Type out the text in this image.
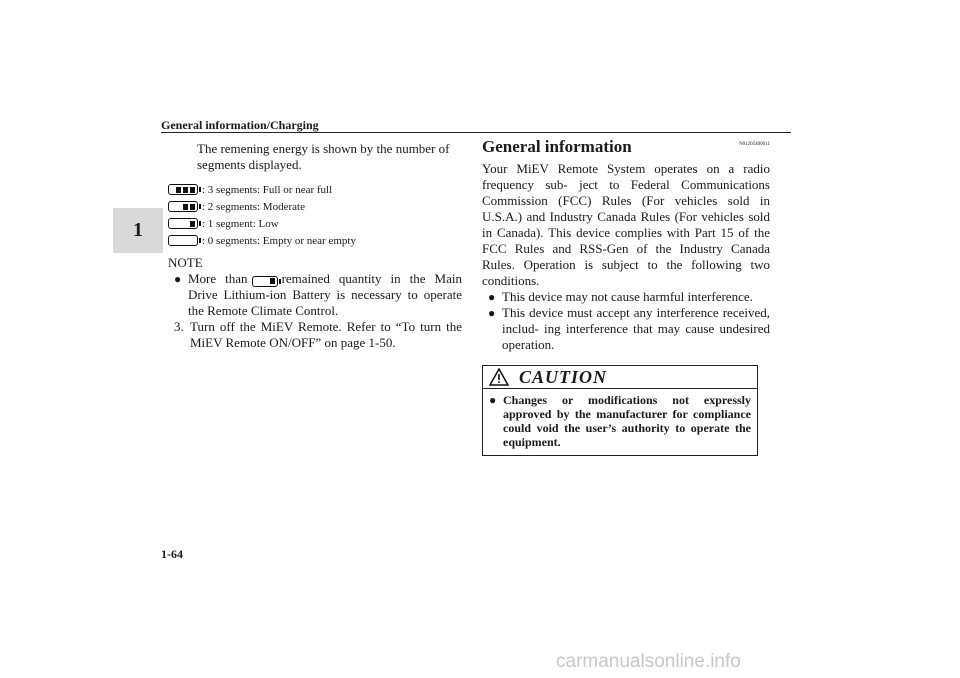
1
General information/Charging
The remening energy is shown by the number of segments displayed.
: 3 segments: Full or near full
: 2 segments: Moderate
: 1 segment: Low
: 0 segments: Empty or near empty
NOTE
● More than	remained quantity in the Main Drive Lithium-ion Battery is necessary to operate the Remote Climate Control.
3. Turn off the MiEV Remote. Refer to “To turn the MiEV Remote ON/OFF” on page 1-50.
General information	N01205400011
Your MiEV Remote System operates on a radio frequency sub- ject to Federal Communications Commission (FCC) Rules (For vehicles sold in U.S.A.) and Industry Canada Rules (For vehicles sold in Canada). This device complies with Part 15 of the FCC Rules and RSS-Gen of the Industry Canada Rules. Operation is subject to the following two conditions.
● This device may not cause harmful interference.
● This device must accept any interference received, includ- ing interference that may cause undesired operation.
CAUTION
● Changes or modifications not expressly approved by the manufacturer for compliance could void the user’s authority to operate the equipment.
1-64
carmanualsonline.info
